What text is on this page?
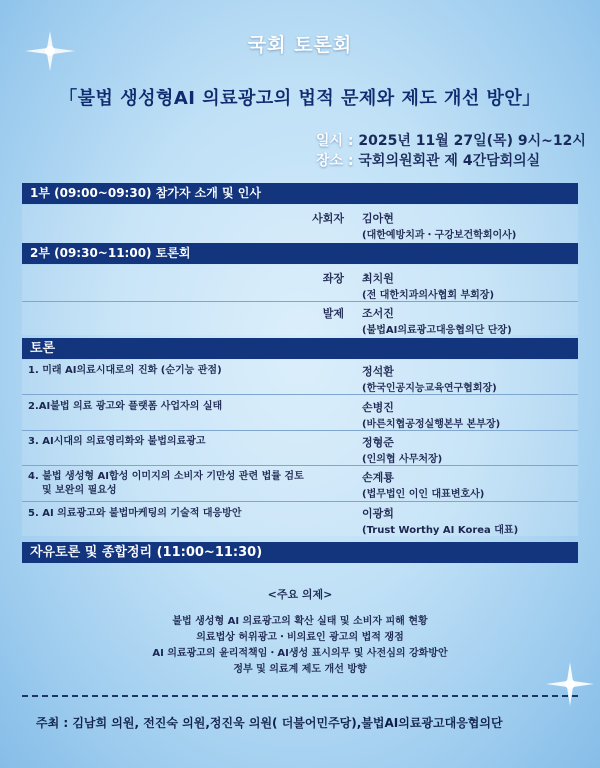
국회 토론회
「불법 생성형AI 의료광고의 법적 문제와 제도 개선 방안」
일시 : 2025년 11월 27일(목) 9시~12시
장소 : 국회의원회관 제 4간담회의실
1부 (09:00~09:30) 참가자 소개 및 인사
사회자 김아현
(대한예방치과・구강보건학회이사)
2부 (09:30~11:00) 토론회
좌장 최치원
(전 대한치과의사협회 부회장)
발제 조서진
(불법AI의료광고대응협의단 단장)
토론
1. 미래 AI의료시대로의 진화 (순기능 관점)	정석환
(한국인공지능교육연구협회장)
2.AI불법 의료 광고와 플랫폼 사업자의 실태	손병진
(바른치협공정실행본부 본부장)
3. AI시대의 의료영리화와 불법의료광고	정형준
(인의협 사무처장)
4. 불법 생성형 AI합성 이미지의 소비자 기만성 관련 법률 검토
및 보완의 필요성
손계룡
(법무법인 이인 대표변호사)
5. AI 의료광고와 불법마케팅의 기술적 대응방안	이광희
(Trust Worthy AI Korea 대표)
자유토론 및 종합정리 (11:00~11:30)
<주요 의제>
불법 생성형 AI 의료광고의 확산 실태 및 소비자 피해 현황
의료법상 허위광고・비의료인 광고의 법적 쟁점
AI 의료광고의 윤리적책임・AI생성 표시의무 및 사전심의 강화방안
정부 및 의료계 제도 개선 방향
주최 : 김남희 의원, 전진숙 의원,정진욱 의원( 더불어민주당),불법AI의료광고대응협의단
